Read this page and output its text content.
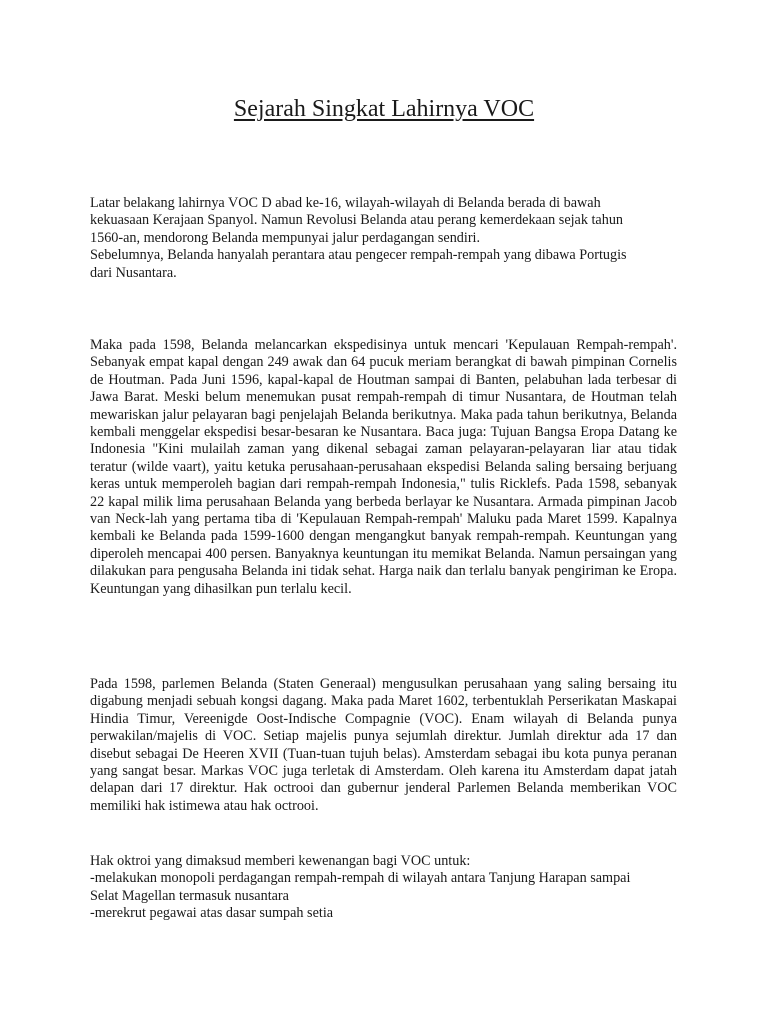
Sejarah Singkat Lahirnya VOC
Latar belakang lahirnya VOC D abad ke-16, wilayah-wilayah di Belanda berada di bawah
kekuasaan Kerajaan Spanyol. Namun Revolusi Belanda atau perang kemerdekaan sejak tahun
1560-an, mendorong Belanda mempunyai jalur perdagangan sendiri.
Sebelumnya, Belanda hanyalah perantara atau pengecer rempah-rempah yang dibawa Portugis
dari Nusantara.

Maka pada 1598, Belanda melancarkan ekspedisinya untuk mencari 'Kepulauan Rempah-rempah'. Sebanyak empat kapal dengan 249 awak dan 64 pucuk meriam berangkat di bawah pimpinan Cornelis de Houtman. Pada Juni 1596, kapal-kapal de Houtman sampai di Banten, pelabuhan lada terbesar di Jawa Barat. Meski belum menemukan pusat rempah-rempah di timur Nusantara, de Houtman telah mewariskan jalur pelayaran bagi penjelajah Belanda berikutnya. Maka pada tahun berikutnya, Belanda kembali menggelar ekspedisi besar-besaran ke Nusantara. Baca juga: Tujuan Bangsa Eropa Datang ke Indonesia "Kini mulailah zaman yang dikenal sebagai zaman pelayaran-pelayaran liar atau tidak teratur (wilde vaart), yaitu ketuka perusahaan-perusahaan ekspedisi Belanda saling bersaing berjuang keras untuk memperoleh bagian dari rempah-rempah Indonesia," tulis Ricklefs. Pada 1598, sebanyak 22 kapal milik lima perusahaan Belanda yang berbeda berlayar ke Nusantara. Armada pimpinan Jacob van Neck-lah yang pertama tiba di 'Kepulauan Rempah-rempah' Maluku pada Maret 1599. Kapalnya kembali ke Belanda pada 1599-1600 dengan mengangkut banyak rempah-rempah. Keuntungan yang diperoleh mencapai 400 persen. Banyaknya keuntungan itu memikat Belanda. Namun persaingan yang dilakukan para pengusaha Belanda ini tidak sehat. Harga naik dan terlalu banyak pengiriman ke Eropa. Keuntungan yang dihasilkan pun terlalu kecil.

Pada 1598, parlemen Belanda (Staten Generaal) mengusulkan perusahaan yang saling bersaing itu digabung menjadi sebuah kongsi dagang. Maka pada Maret 1602, terbentuklah Perserikatan Maskapai Hindia Timur, Vereenigde Oost-Indische Compagnie (VOC). Enam wilayah di Belanda punya perwakilan/majelis di VOC. Setiap majelis punya sejumlah direktur. Jumlah direktur ada 17 dan disebut sebagai De Heeren XVII (Tuan-tuan tujuh belas). Amsterdam sebagai ibu kota punya peranan yang sangat besar. Markas VOC juga terletak di Amsterdam. Oleh karena itu Amsterdam dapat jatah delapan dari 17 direktur. Hak octrooi dan gubernur jenderal Parlemen Belanda memberikan VOC memiliki hak istimewa atau hak octrooi.

Hak oktroi yang dimaksud memberi kewenangan bagi VOC untuk:
-melakukan monopoli perdagangan rempah-rempah di wilayah antara Tanjung Harapan sampai
Selat Magellan termasuk nusantara
-merekrut pegawai atas dasar sumpah setia
